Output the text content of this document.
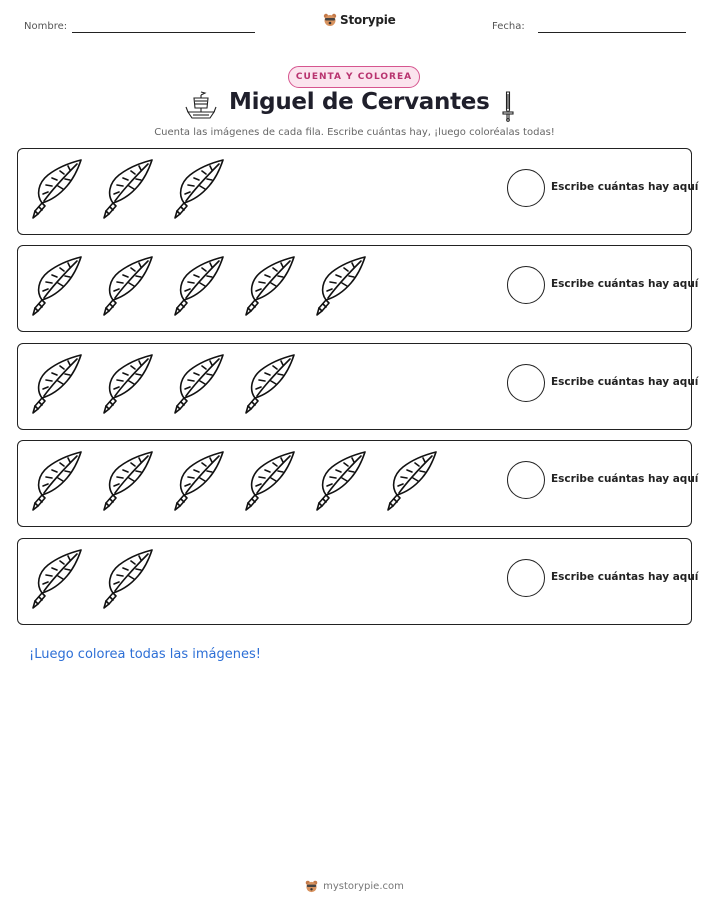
Nombre:	Storypie	Fecha:
CUENTA Y COLOREA
Miguel de Cervantes
Cuenta las imágenes de cada fila. Escribe cuántas hay, ¡luego coloréalas todas!
Escribe cuántas hay aquí
Escribe cuántas hay aquí
Escribe cuántas hay aquí
Escribe cuántas hay aquí
Escribe cuántas hay aquí
¡Luego colorea todas las imágenes!
mystorypie.com
